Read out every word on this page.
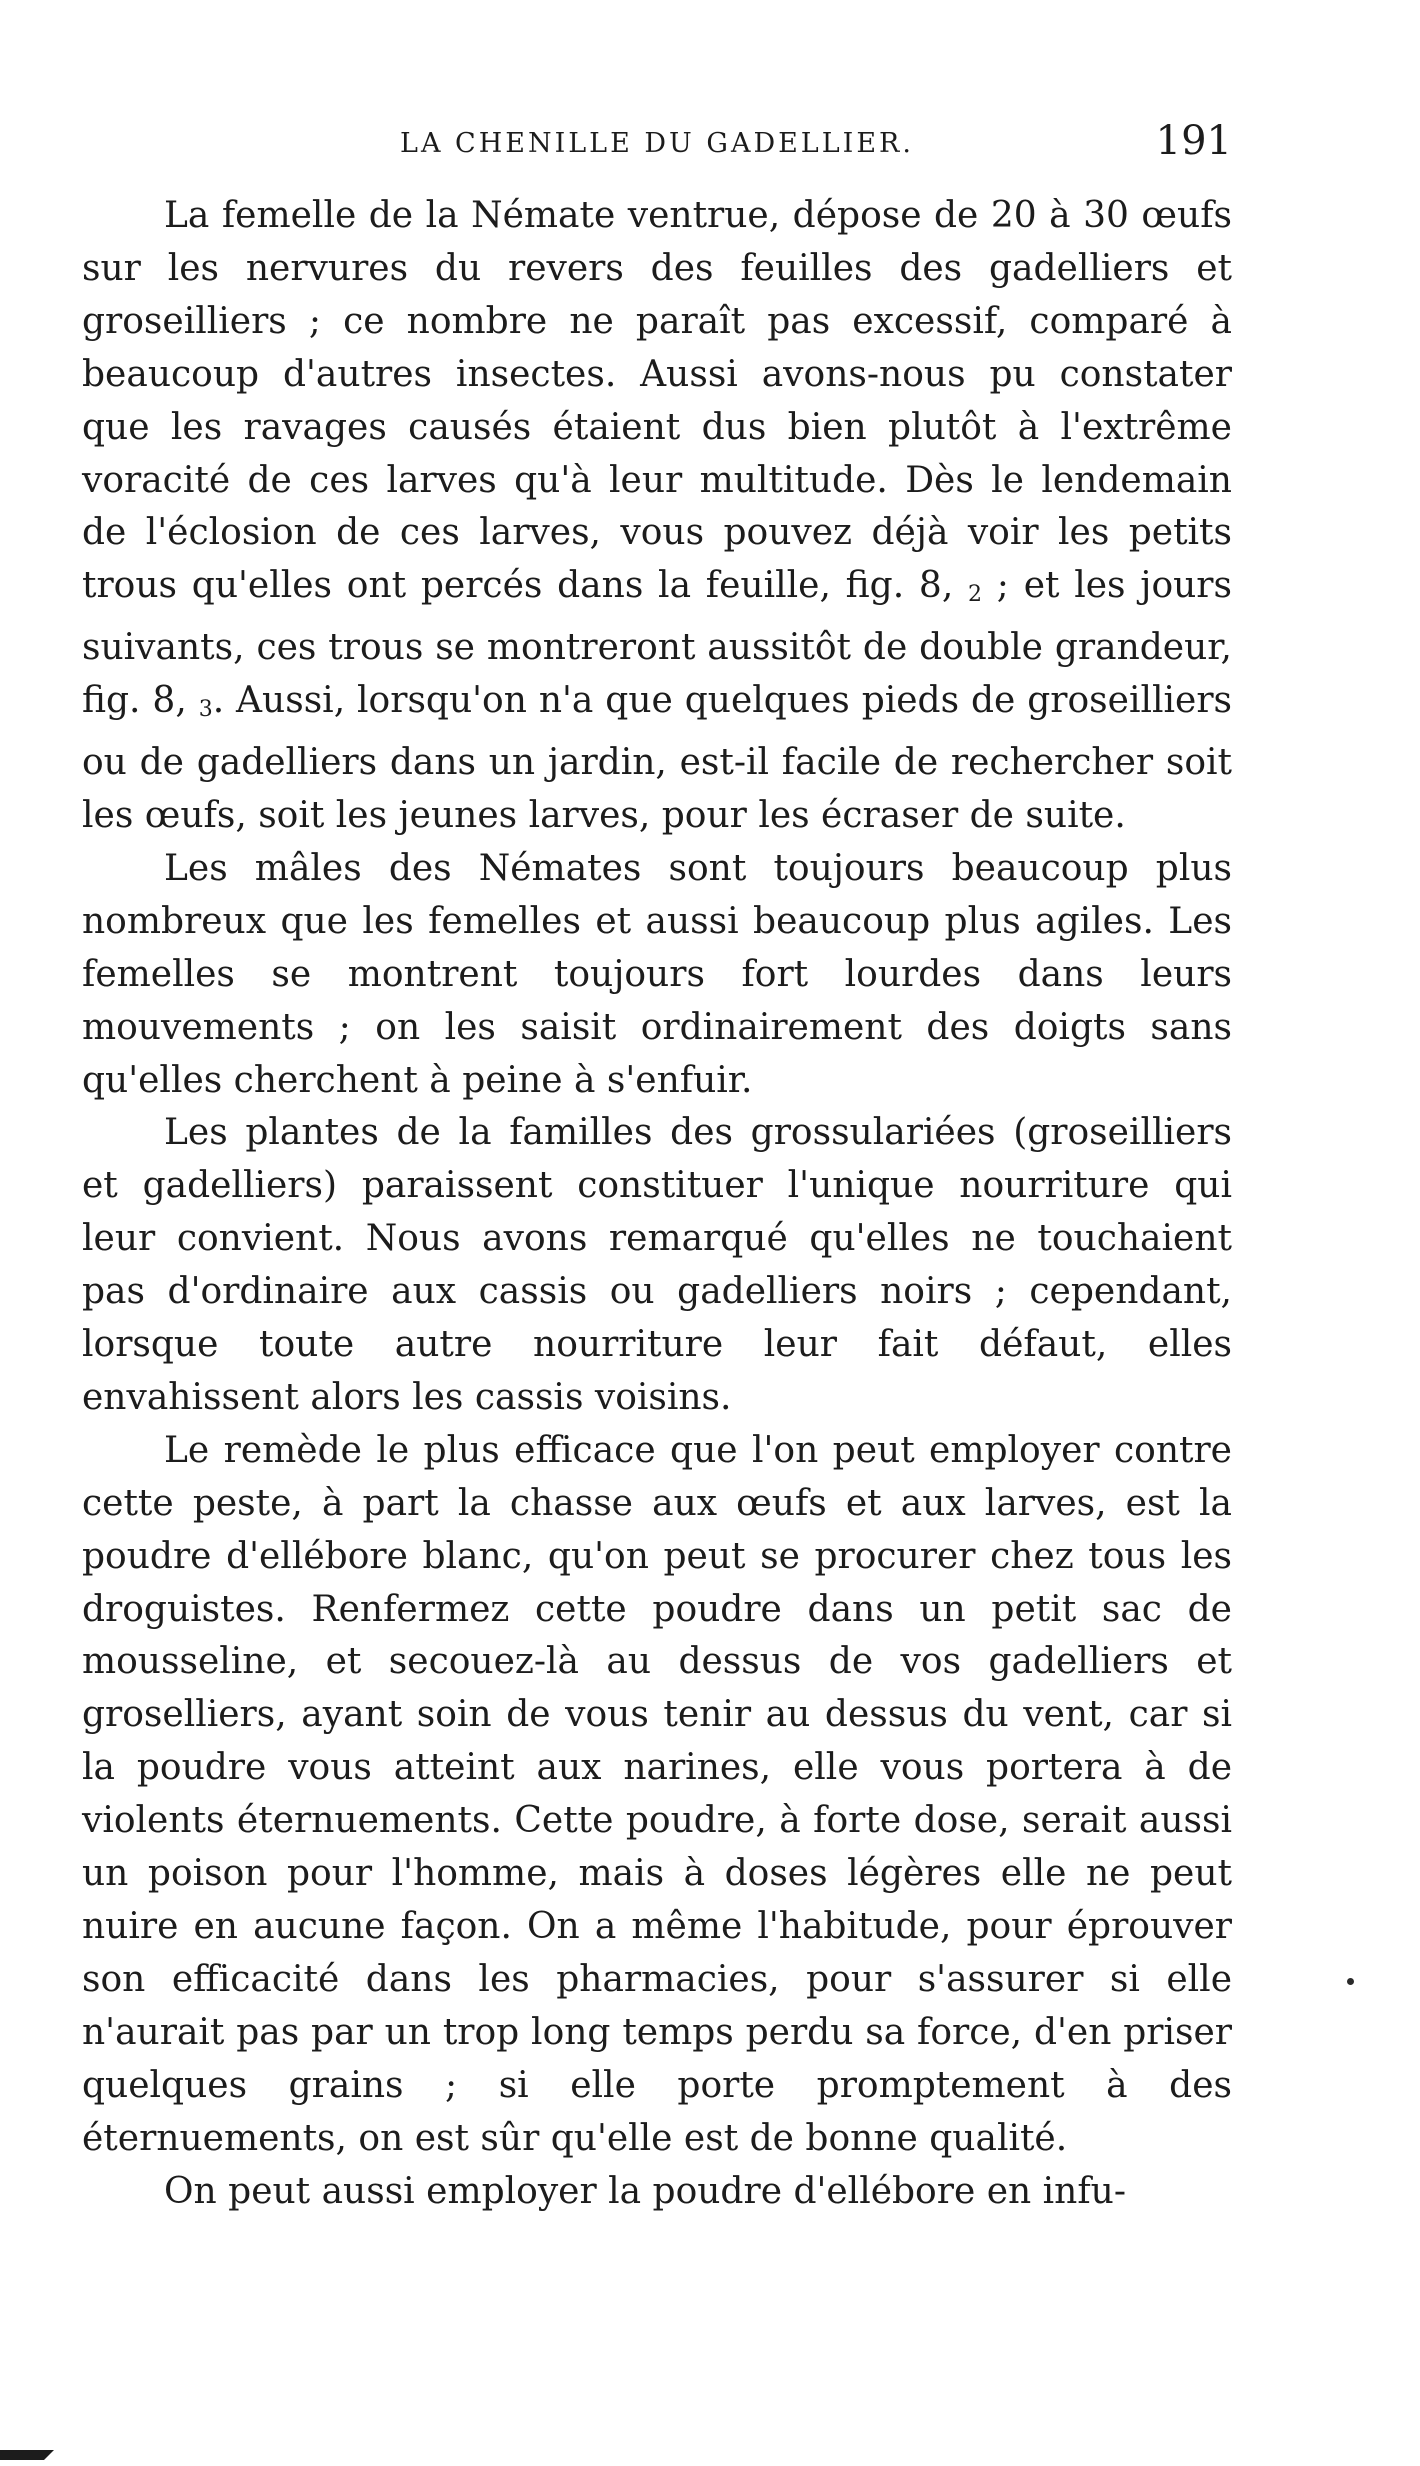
LA CHENILLE DU GADELLIER.	191

La femelle de la Némate ventrue, dépose de 20 à 30 œufs sur les nervures du revers des feuilles des gadelliers et groseilliers ; ce nombre ne paraît pas excessif, comparé à beaucoup d'autres insectes. Aussi avons-nous pu constater que les ravages causés étaient dus bien plutôt à l'extrême voracité de ces larves qu'à leur multitude. Dès le lendemain de l'éclosion de ces larves, vous pouvez déjà voir les petits trous qu'elles ont percés dans la feuille, fig. 8, 2 ; et les jours suivants, ces trous se montreront aussitôt de double grandeur, fig. 8, 3. Aussi, lorsqu'on n'a que quelques pieds de groseilliers ou de gadelliers dans un jardin, est-il facile de rechercher soit les œufs, soit les jeunes larves, pour les écraser de suite.

Les mâles des Némates sont toujours beaucoup plus nombreux que les femelles et aussi beaucoup plus agiles. Les femelles se montrent toujours fort lourdes dans leurs mouvements ; on les saisit ordinairement des doigts sans qu'elles cherchent à peine à s'enfuir.

Les plantes de la familles des grossulariées (groseilliers et gadelliers) paraissent constituer l'unique nourriture qui leur convient. Nous avons remarqué qu'elles ne touchaient pas d'ordinaire aux cassis ou gadelliers noirs ; cependant, lorsque toute autre nourriture leur fait défaut, elles envahissent alors les cassis voisins.

Le remède le plus efficace que l'on peut employer contre cette peste, à part la chasse aux œufs et aux larves, est la poudre d'ellébore blanc, qu'on peut se procurer chez tous les droguistes. Renfermez cette poudre dans un petit sac de mousseline, et secouez-là au dessus de vos gadelliers et groselliers, ayant soin de vous tenir au dessus du vent, car si la poudre vous atteint aux narines, elle vous portera à de violents éternuements. Cette poudre, à forte dose, serait aussi un poison pour l'homme, mais à doses légères elle ne peut nuire en aucune façon. On a même l'habitude, pour éprouver son efficacité dans les pharmacies, pour s'assurer si elle n'aurait pas par un trop long temps perdu sa force, d'en priser quelques grains ; si elle porte promptement à des éternuements, on est sûr qu'elle est de bonne qualité.

On peut aussi employer la poudre d'ellébore en infu-
